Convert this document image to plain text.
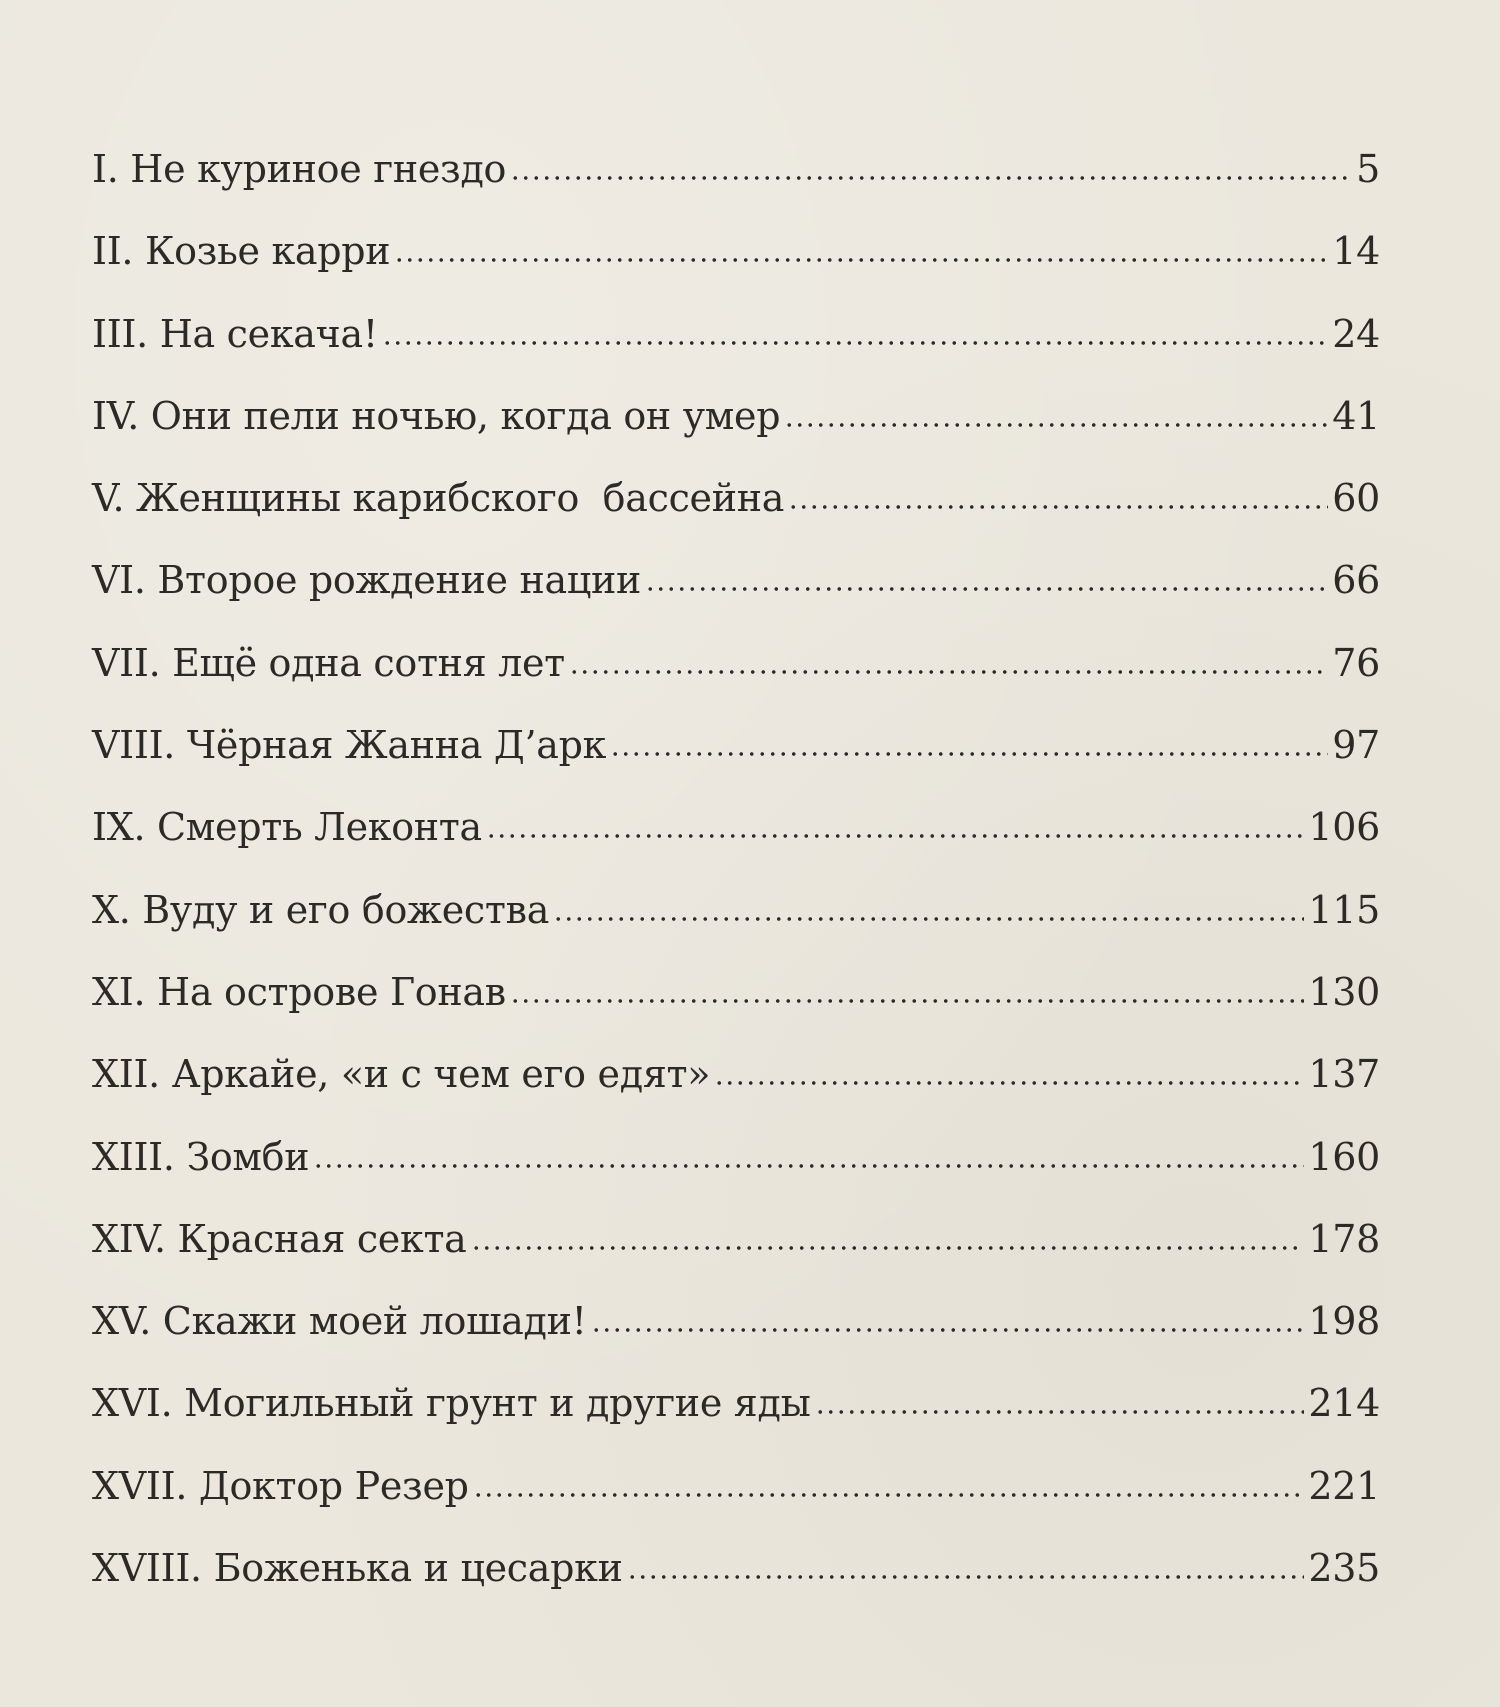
I. Не куриное гнездо	5
II. Козье карри	14
III. На секача!	24
IV. Они пели ночью, когда он умер	41
V. Женщины карибского  бассейна	60
VI. Второе рождение нации	66
VII. Ещё одна сотня лет	76
VIII. Чёрная Жанна Д’арк	97
IX. Смерть Леконта	106
X. Вуду и его божества	115
XI. На острове Гонав	130
XII. Аркайе, «и с чем его едят»	137
XIII. Зомби	160
XIV. Красная секта	178
XV. Скажи моей лошади!	198
XVI. Могильный грунт и другие яды	214
XVII. Доктор Резер	221
XVIII. Боженька и цесарки	235
